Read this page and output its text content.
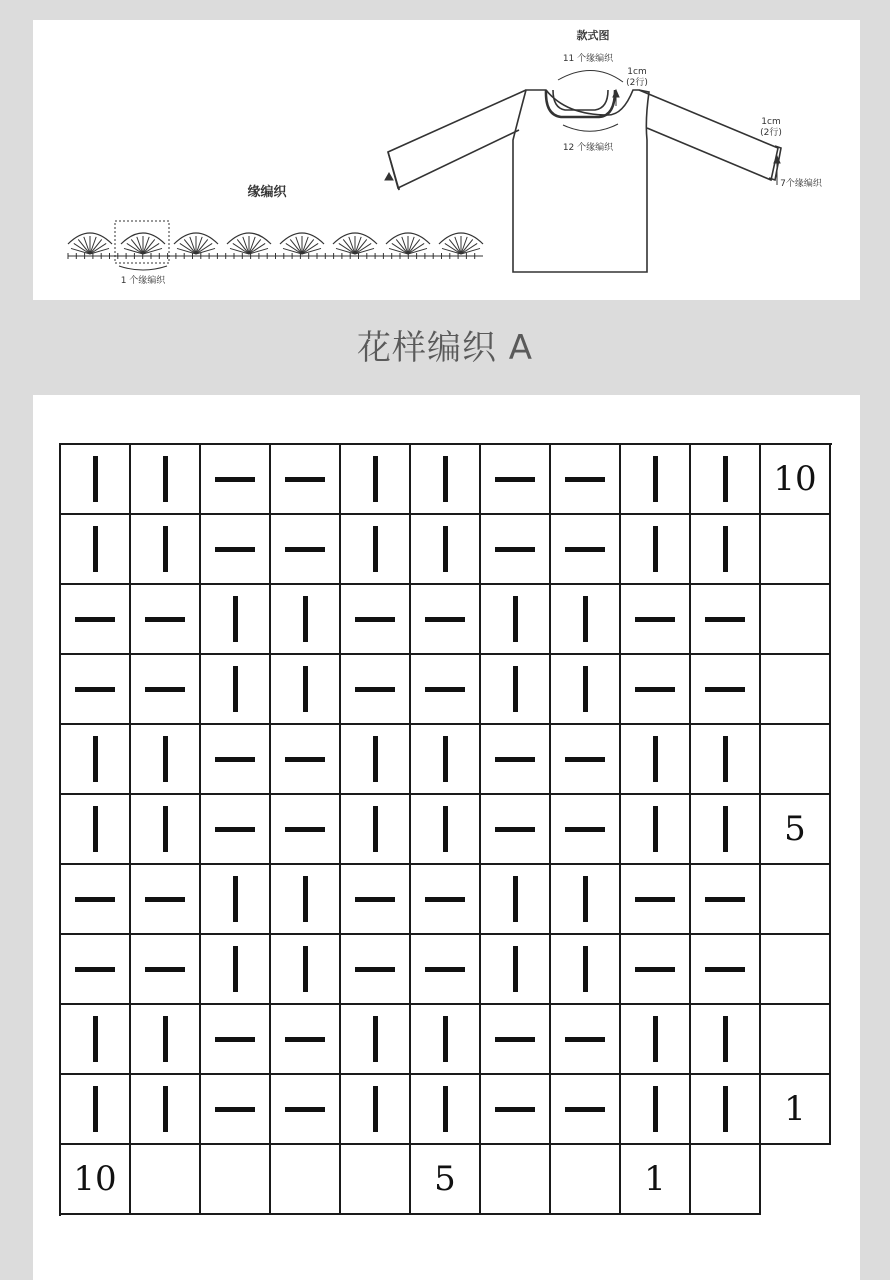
款式图
11 个缘编织
1cm
(2行)
12 个缘编织
1cm
(2行)
7个缘编织
缘编织
1 个缘编织
花样编织 A
10
5
1
10	5	1
